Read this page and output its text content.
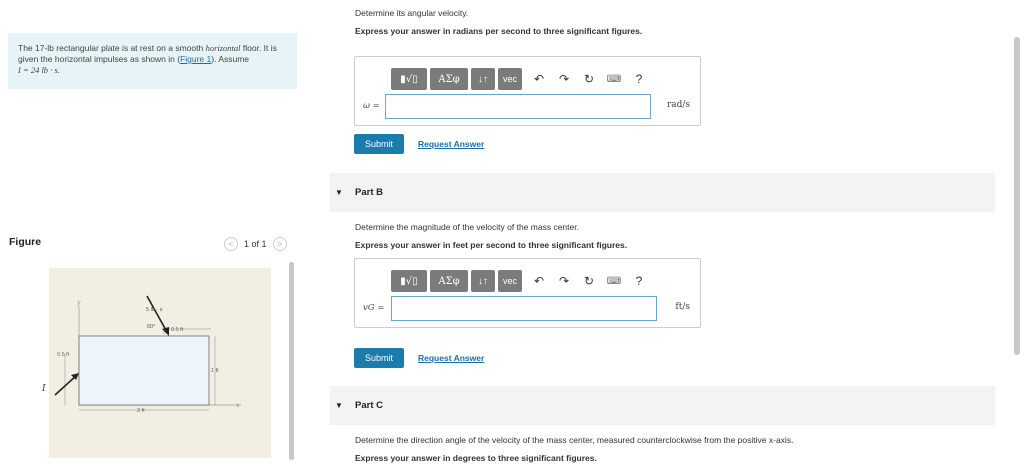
The 17-lb rectangular plate is at rest on a smooth horizontal floor. It is given the horizontal impulses as shown in (Figure 1). Assume
I = 24 lb · s.
Figure	<	1 of 1	>
y
x
5 lb · s
60°	0.5 ft
0.5 ft
1 ft
2 ft
I
Determine its angular velocity.
Express your answer in radians per second to three significant figures.
▮√▯	ΑΣφ	↓↑	vec	↶	↷	↻	⌨	?
ω =	rad/s
Submit	Request Answer
▼	Part B
Determine the magnitude of the velocity of the mass center.
Express your answer in feet per second to three significant figures.
▮√▯	ΑΣφ	↓↑	vec	↶	↷	↻	⌨	?
vG =	ft/s
Submit	Request Answer
▼	Part C
Determine the direction angle of the velocity of the mass center, measured counterclockwise from the positive x-axis.
Express your answer in degrees to three significant figures.
